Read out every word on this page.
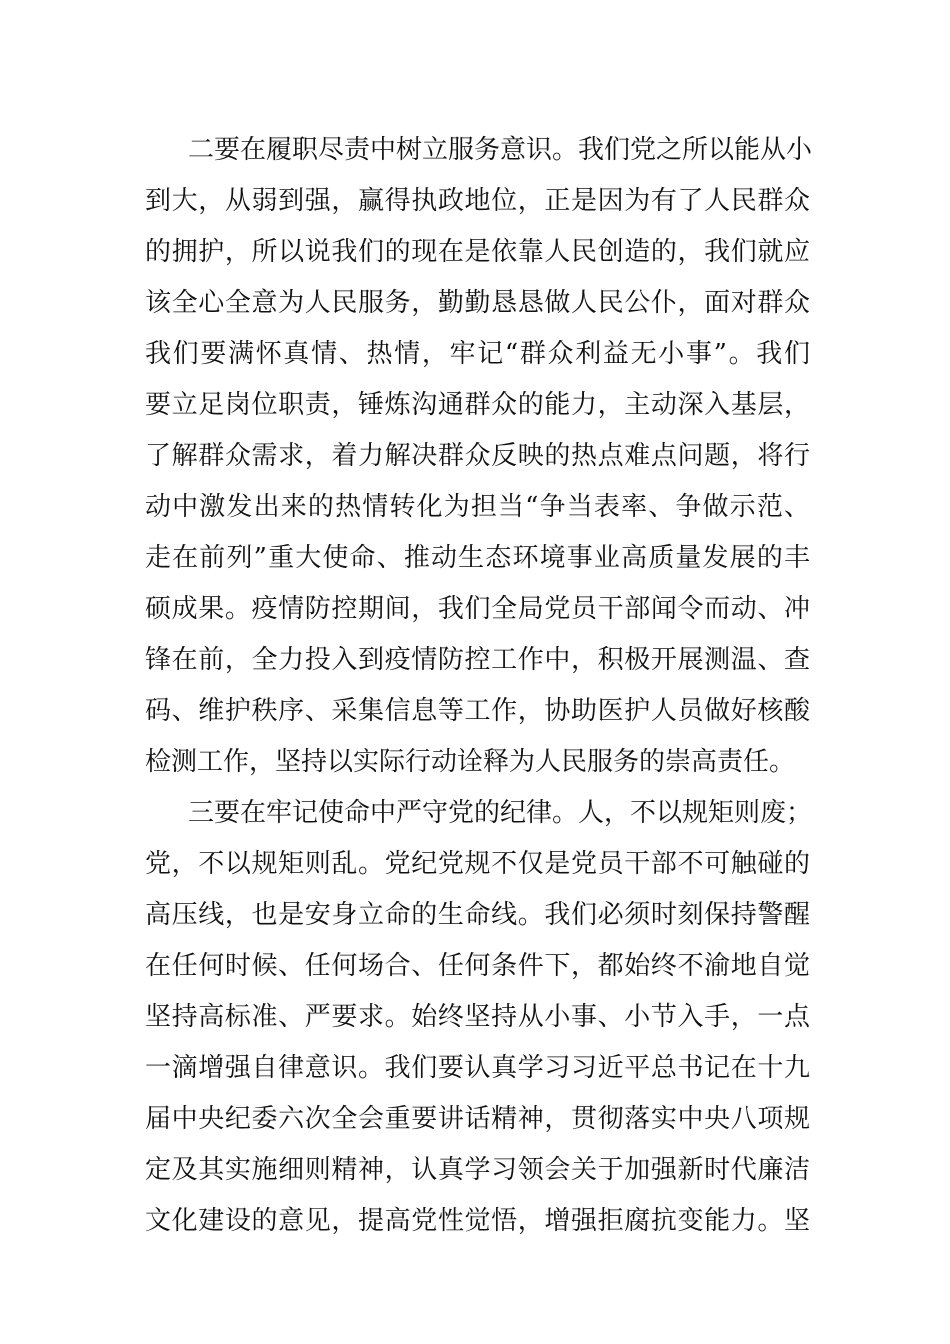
二要在履职尽责中树立服务意识。我们党之所以能从小
到大，从弱到强，赢得执政地位，正是因为有了人民群众
的拥护，所以说我们的现在是依靠人民创造的，我们就应
该全心全意为人民服务，勤勤恳恳做人民公仆，面对群众
我们要满怀真情、热情，牢记“群众利益无小事”。我们
要立足岗位职责，锤炼沟通群众的能力，主动深入基层，
了解群众需求，着力解决群众反映的热点难点问题，将行
动中激发出来的热情转化为担当“争当表率、争做示范、
走在前列”重大使命、推动生态环境事业高质量发展的丰
硕成果。疫情防控期间，我们全局党员干部闻令而动、冲
锋在前，全力投入到疫情防控工作中，积极开展测温、查
码、维护秩序、采集信息等工作，协助医护人员做好核酸
检测工作，坚持以实际行动诠释为人民服务的崇高责任。
三要在牢记使命中严守党的纪律。人，不以规矩则废；
党，不以规矩则乱。党纪党规不仅是党员干部不可触碰的
高压线，也是安身立命的生命线。我们必须时刻保持警醒
在任何时候、任何场合、任何条件下，都始终不渝地自觉
坚持高标准、严要求。始终坚持从小事、小节入手，一点
一滴增强自律意识。我们要认真学习习近平总书记在十九
届中央纪委六次全会重要讲话精神，贯彻落实中央八项规
定及其实施细则精神，认真学习领会关于加强新时代廉洁
文化建设的意见，提高党性觉悟，增强拒腐抗变能力。坚
